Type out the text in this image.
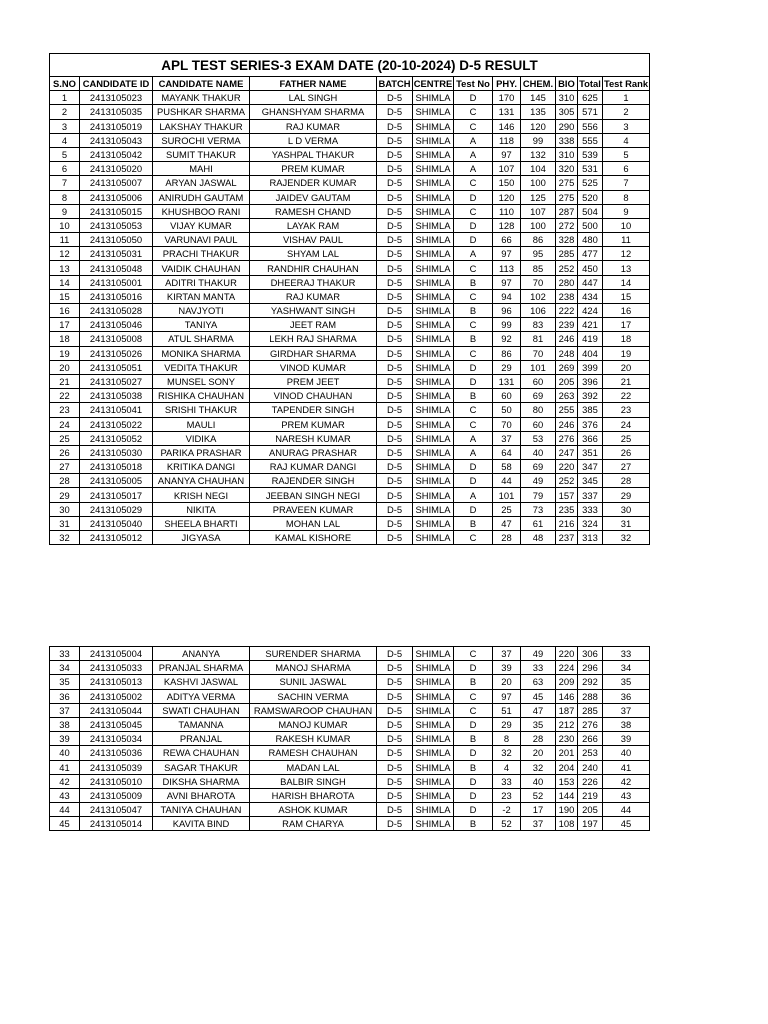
APL TEST SERIES-3 EXAM DATE (20-10-2024) D-5 RESULT											
S.NO	CANDIDATE ID	CANDIDATE NAME	FATHER NAME	BATCH	CENTRE	Test No	PHY.	CHEM.	BIO	Total	Test Rank
1	2413105023	MAYANK THAKUR	LAL SINGH	D-5	SHIMLA	D	170	145	310	625	1
2	2413105035	PUSHKAR SHARMA	GHANSHYAM SHARMA	D-5	SHIMLA	C	131	135	305	571	2
3	2413105019	LAKSHAY THAKUR	RAJ KUMAR	D-5	SHIMLA	C	146	120	290	556	3
4	2413105043	SUROCHI VERMA	L D VERMA	D-5	SHIMLA	A	118	99	338	555	4
5	2413105042	SUMIT THAKUR	YASHPAL THAKUR	D-5	SHIMLA	A	97	132	310	539	5
6	2413105020	MAHI	PREM KUMAR	D-5	SHIMLA	A	107	104	320	531	6
7	2413105007	ARYAN JASWAL	RAJENDER KUMAR	D-5	SHIMLA	C	150	100	275	525	7
8	2413105006	ANIRUDH GAUTAM	JAIDEV GAUTAM	D-5	SHIMLA	D	120	125	275	520	8
9	2413105015	KHUSHBOO RANI	RAMESH CHAND	D-5	SHIMLA	C	110	107	287	504	9
10	2413105053	VIJAY KUMAR	LAYAK RAM	D-5	SHIMLA	D	128	100	272	500	10
11	2413105050	VARUNAVI PAUL	VISHAV PAUL	D-5	SHIMLA	D	66	86	328	480	11
12	2413105031	PRACHI THAKUR	SHYAM LAL	D-5	SHIMLA	A	97	95	285	477	12
13	2413105048	VAIDIK CHAUHAN	RANDHIR CHAUHAN	D-5	SHIMLA	C	113	85	252	450	13
14	2413105001	ADITRI THAKUR	DHEERAJ THAKUR	D-5	SHIMLA	B	97	70	280	447	14
15	2413105016	KIRTAN MANTA	RAJ KUMAR	D-5	SHIMLA	C	94	102	238	434	15
16	2413105028	NAVJYOTI	YASHWANT SINGH	D-5	SHIMLA	B	96	106	222	424	16
17	2413105046	TANIYA	JEET RAM	D-5	SHIMLA	C	99	83	239	421	17
18	2413105008	ATUL SHARMA	LEKH RAJ SHARMA	D-5	SHIMLA	B	92	81	246	419	18
19	2413105026	MONIKA SHARMA	GIRDHAR SHARMA	D-5	SHIMLA	C	86	70	248	404	19
20	2413105051	VEDITA THAKUR	VINOD KUMAR	D-5	SHIMLA	D	29	101	269	399	20
21	2413105027	MUNSEL SONY	PREM JEET	D-5	SHIMLA	D	131	60	205	396	21
22	2413105038	RISHIKA CHAUHAN	VINOD CHAUHAN	D-5	SHIMLA	B	60	69	263	392	22
23	2413105041	SRISHI THAKUR	TAPENDER SINGH	D-5	SHIMLA	C	50	80	255	385	23
24	2413105022	MAULI	PREM KUMAR	D-5	SHIMLA	C	70	60	246	376	24
25	2413105052	VIDIKA	NARESH KUMAR	D-5	SHIMLA	A	37	53	276	366	25
26	2413105030	PARIKA PRASHAR	ANURAG PRASHAR	D-5	SHIMLA	A	64	40	247	351	26
27	2413105018	KRITIKA DANGI	RAJ KUMAR DANGI	D-5	SHIMLA	D	58	69	220	347	27
28	2413105005	ANANYA CHAUHAN	RAJENDER SINGH	D-5	SHIMLA	D	44	49	252	345	28
29	2413105017	KRISH NEGI	JEEBAN SINGH NEGI	D-5	SHIMLA	A	101	79	157	337	29
30	2413105029	NIKITA	PRAVEEN KUMAR	D-5	SHIMLA	D	25	73	235	333	30
31	2413105040	SHEELA BHARTI	MOHAN LAL	D-5	SHIMLA	B	47	61	216	324	31
32	2413105012	JIGYASA	KAMAL KISHORE	D-5	SHIMLA	C	28	48	237	313	32
33	2413105004	ANANYA	SURENDER SHARMA	D-5	SHIMLA	C	37	49	220	306	33
34	2413105033	PRANJAL SHARMA	MANOJ SHARMA	D-5	SHIMLA	D	39	33	224	296	34
35	2413105013	KASHVI JASWAL	SUNIL JASWAL	D-5	SHIMLA	B	20	63	209	292	35
36	2413105002	ADITYA VERMA	SACHIN VERMA	D-5	SHIMLA	C	97	45	146	288	36
37	2413105044	SWATI CHAUHAN	RAMSWAROOP CHAUHAN	D-5	SHIMLA	C	51	47	187	285	37
38	2413105045	TAMANNA	MANOJ KUMAR	D-5	SHIMLA	D	29	35	212	276	38
39	2413105034	PRANJAL	RAKESH KUMAR	D-5	SHIMLA	B	8	28	230	266	39
40	2413105036	REWA CHAUHAN	RAMESH CHAUHAN	D-5	SHIMLA	D	32	20	201	253	40
41	2413105039	SAGAR THAKUR	MADAN LAL	D-5	SHIMLA	B	4	32	204	240	41
42	2413105010	DIKSHA SHARMA	BALBIR SINGH	D-5	SHIMLA	D	33	40	153	226	42
43	2413105009	AVNI BHAROTA	HARISH BHAROTA	D-5	SHIMLA	D	23	52	144	219	43
44	2413105047	TANIYA CHAUHAN	ASHOK KUMAR	D-5	SHIMLA	D	-2	17	190	205	44
45	2413105014	KAVITA BIND	RAM CHARYA	D-5	SHIMLA	B	52	37	108	197	45
